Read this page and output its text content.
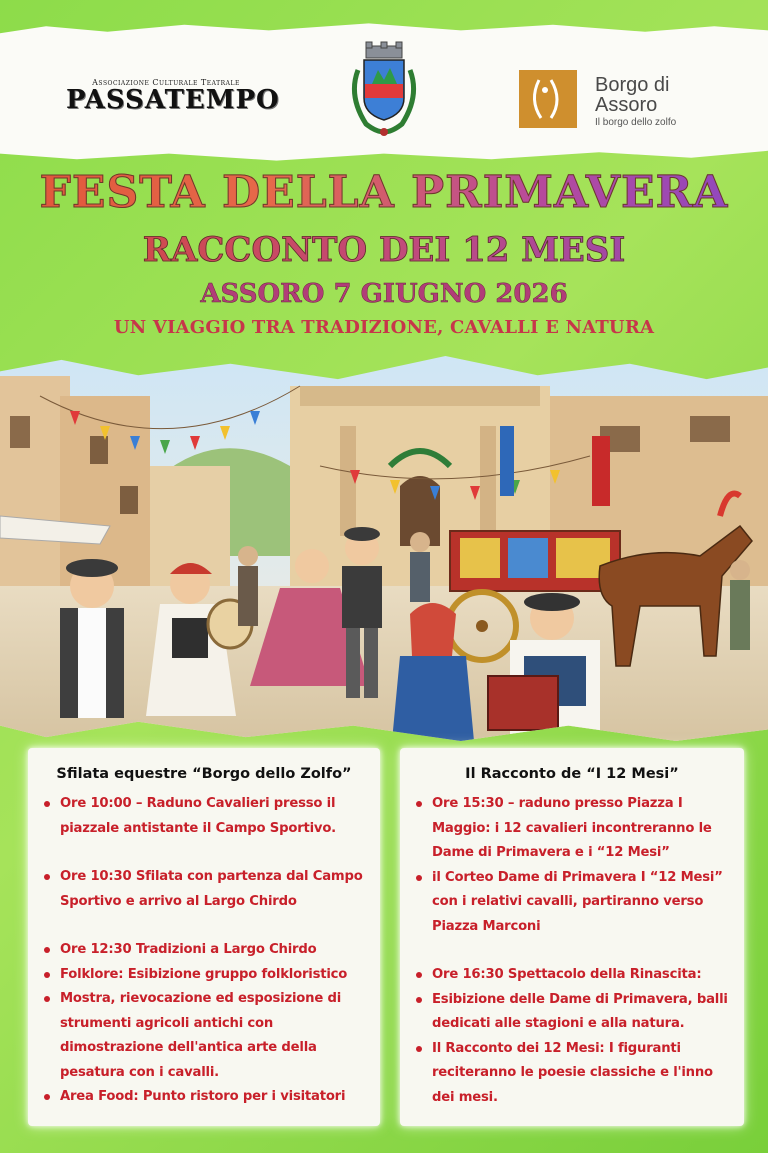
Associazione Culturale Teatrale
PASSATEMPO	Borgo di
Assoro
Il borgo dello zolfo
FESTA DELLA PRIMAVERA
RACCONTO DEI 12 MESI
ASSORO 7 GIUGNO 2026
UN VIAGGIO TRA TRADIZIONE, CAVALLI E NATURA
Sfilata equestre “Borgo dello Zolfo”
Ore 10:00 – Raduno Cavalieri presso il piazzale antistante il Campo Sportivo.
Ore 10:30 Sfilata con partenza dal Campo Sportivo e arrivo al Largo Chirdo
Ore 12:30 Tradizioni a Largo Chirdo
Folklore: Esibizione gruppo folkloristico
Mostra, rievocazione ed esposizione di strumenti agricoli antichi con dimostrazione dell'antica arte della pesatura con i cavalli.
Area Food: Punto ristoro per i visitatori
Il Racconto de “I 12 Mesi”
Ore 15:30 – raduno presso Piazza I Maggio: i 12 cavalieri incontreranno le Dame di Primavera e i “12 Mesi”
il Corteo Dame di Primavera I “12 Mesi” con i relativi cavalli, partiranno verso Piazza Marconi
Ore 16:30 Spettacolo della Rinascita:
Esibizione delle Dame di Primavera, balli dedicati alle stagioni e alla natura.
Il Racconto dei 12 Mesi: I figuranti reciteranno le poesie classiche e l'inno dei mesi.
